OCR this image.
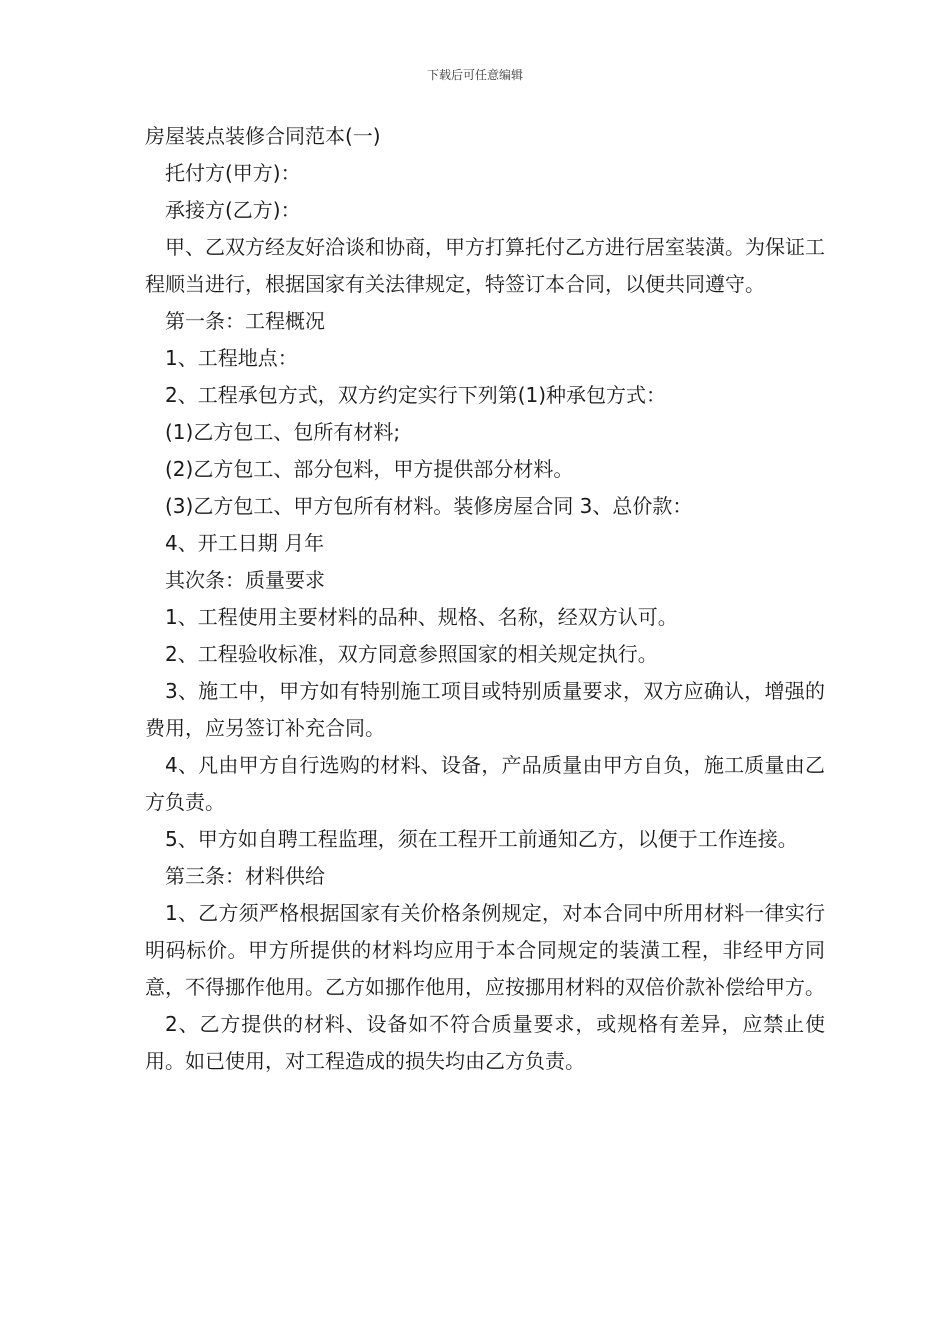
下载后可任意编辑

房屋装点装修合同范本(一)

托付方(甲方)：

承接方(乙方)：

甲、乙双方经友好洽谈和协商，甲方打算托付乙方进行居室装潢。为保证工程顺当进行，根据国家有关法律规定，特签订本合同，以便共同遵守。

第一条：工程概况

1、工程地点：

2、工程承包方式，双方约定实行下列第(1)种承包方式：

(1)乙方包工、包所有材料;

(2)乙方包工、部分包料，甲方提供部分材料。

(3)乙方包工、甲方包所有材料。装修房屋合同 3、总价款：

4、开工日期 月年

其次条：质量要求

1、工程使用主要材料的品种、规格、名称，经双方认可。

2、工程验收标准，双方同意参照国家的相关规定执行。

3、施工中，甲方如有特别施工项目或特别质量要求，双方应确认，增强的费用，应另签订补充合同。

4、凡由甲方自行选购的材料、设备，产品质量由甲方自负，施工质量由乙方负责。

5、甲方如自聘工程监理，须在工程开工前通知乙方，以便于工作连接。

第三条：材料供给

1、乙方须严格根据国家有关价格条例规定，对本合同中所用材料一律实行明码标价。甲方所提供的材料均应用于本合同规定的装潢工程，非经甲方同意，不得挪作他用。乙方如挪作他用，应按挪用材料的双倍价款补偿给甲方。

2、乙方提供的材料、设备如不符合质量要求，或规格有差异，应禁止使用。如已使用，对工程造成的损失均由乙方负责。
